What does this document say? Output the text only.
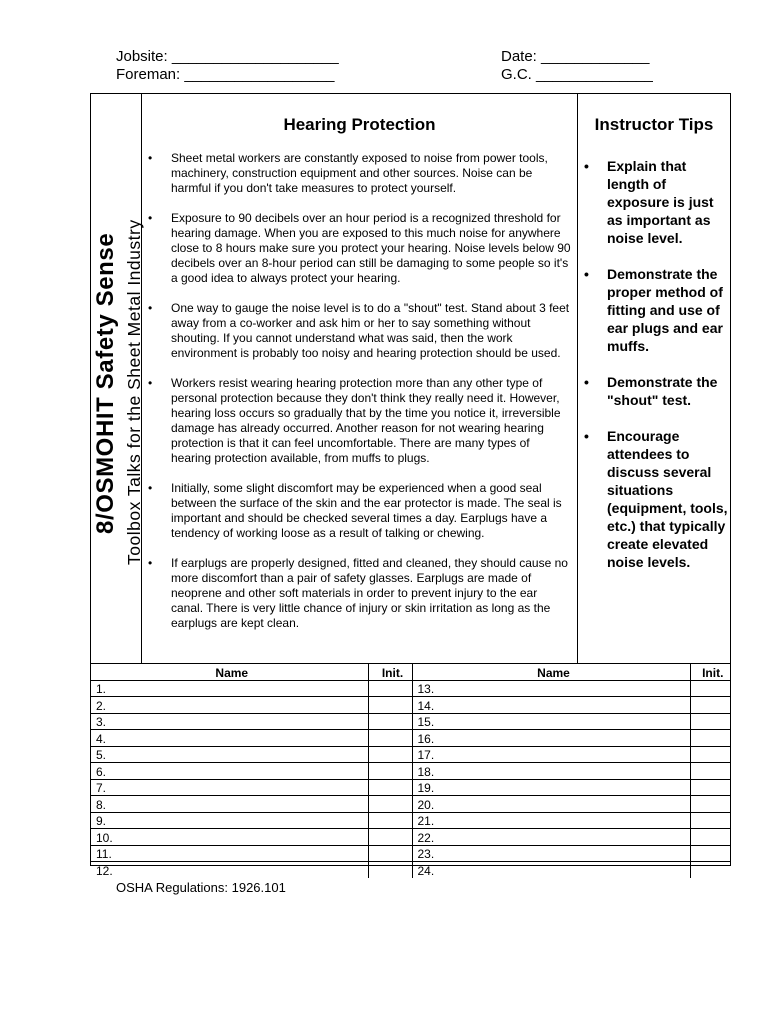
Jobsite: ____________________
Foreman: __________________
Date: _____________
G.C. ______________
8/OSMOHIT Safety Sense Toolbox Talks for the Sheet Metal Industry
Hearing Protection
• Sheet metal workers are constantly exposed to noise from power tools, machinery, construction equipment and other sources. Noise can be harmful if you don't take measures to protect yourself.
• Exposure to 90 decibels over an hour period is a recognized threshold for hearing damage. When you are exposed to this much noise for anywhere close to 8 hours make sure you protect your hearing. Noise levels below 90 decibels over an 8-hour period can still be damaging to some people so it's a good idea to always protect your hearing.
• One way to gauge the noise level is to do a "shout" test. Stand about 3 feet away from a co-worker and ask him or her to say something without shouting. If you cannot understand what was said, then the work environment is probably too noisy and hearing protection should be used.
• Workers resist wearing hearing protection more than any other type of personal protection because they don't think they really need it. However, hearing loss occurs so gradually that by the time you notice it, irreversible damage has already occurred. Another reason for not wearing hearing protection is that it can feel uncomfortable. There are many types of hearing protection available, from muffs to plugs.
• Initially, some slight discomfort may be experienced when a good seal between the surface of the skin and the ear protector is made. The seal is important and should be checked several times a day. Earplugs have a tendency of working loose as a result of talking or chewing.
• If earplugs are properly designed, fitted and cleaned, they should cause no more discomfort than a pair of safety glasses. Earplugs are made of neoprene and other soft materials in order to prevent injury to the ear canal. There is very little chance of injury or skin irritation as long as the earplugs are kept clean.
Instructor Tips
• Explain that length of exposure is just as important as noise level.
• Demonstrate the proper method of fitting and use of ear plugs and ear muffs.
• Demonstrate the "shout" test.
• Encourage attendees to discuss several situations (equipment, tools, etc.) that typically create elevated noise levels.
Name	Init.	Name	Init.
1.		13.	
2.		14.	
3.		15.	
4.		16.	
5.		17.	
6.		18.	
7.		19.	
8.		20.	
9.		21.	
10.		22.	
11.		23.	
12.		24.	
OSHA Regulations: 1926.101
